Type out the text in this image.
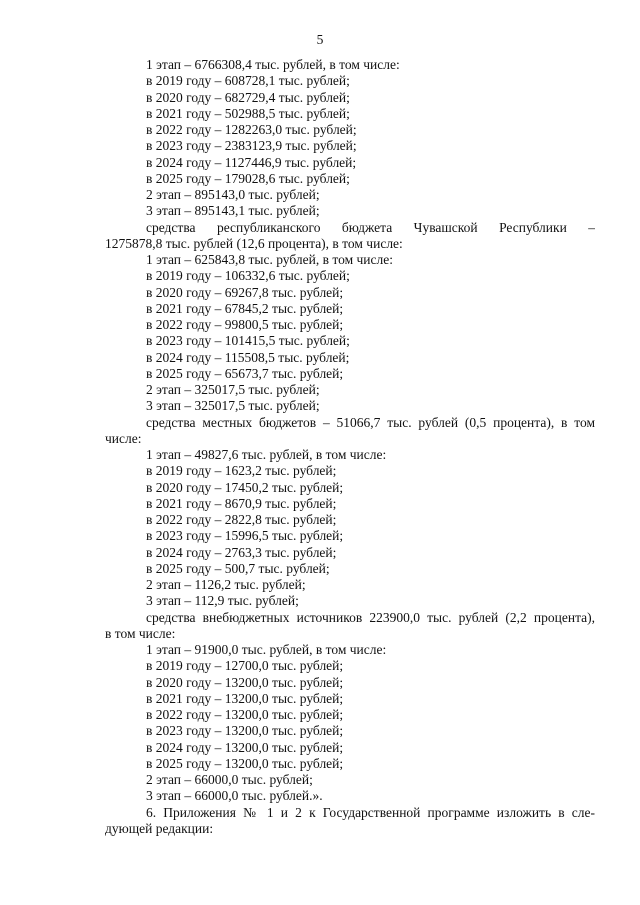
5
1 этап – 6766308,4 тыс. рублей, в том числе:
в 2019 году – 608728,1 тыс. рублей;
в 2020 году – 682729,4 тыс. рублей;
в 2021 году – 502988,5 тыс. рублей;
в 2022 году – 1282263,0 тыс. рублей;
в 2023 году – 2383123,9 тыс. рублей;
в 2024 году – 1127446,9 тыс. рублей;
в 2025 году – 179028,6 тыс. рублей;
2 этап – 895143,0 тыс. рублей;
3 этап – 895143,1 тыс. рублей;
средства республиканского бюджета Чувашской Республики –
1275878,8 тыс. рублей (12,6 процента), в том числе:
1 этап – 625843,8 тыс. рублей, в том числе:
в 2019 году – 106332,6 тыс. рублей;
в 2020 году – 69267,8 тыс. рублей;
в 2021 году – 67845,2 тыс. рублей;
в 2022 году – 99800,5 тыс. рублей;
в 2023 году – 101415,5 тыс. рублей;
в 2024 году – 115508,5 тыс. рублей;
в 2025 году – 65673,7 тыс. рублей;
2 этап – 325017,5 тыс. рублей;
3 этап – 325017,5 тыс. рублей;
средства местных бюджетов – 51066,7 тыс. рублей (0,5 процента), в том
числе:
1 этап – 49827,6 тыс. рублей, в том числе:
в 2019 году – 1623,2 тыс. рублей;
в 2020 году – 17450,2 тыс. рублей;
в 2021 году – 8670,9 тыс. рублей;
в 2022 году – 2822,8 тыс. рублей;
в 2023 году – 15996,5 тыс. рублей;
в 2024 году – 2763,3 тыс. рублей;
в 2025 году – 500,7 тыс. рублей;
2 этап – 1126,2 тыс. рублей;
3 этап – 112,9 тыс. рублей;
средства внебюджетных источников 223900,0 тыс. рублей (2,2 процента),
в том числе:
1 этап – 91900,0 тыс. рублей, в том числе:
в 2019 году – 12700,0 тыс. рублей;
в 2020 году – 13200,0 тыс. рублей;
в 2021 году – 13200,0 тыс. рублей;
в 2022 году – 13200,0 тыс. рублей;
в 2023 году – 13200,0 тыс. рублей;
в 2024 году – 13200,0 тыс. рублей;
в 2025 году – 13200,0 тыс. рублей;
2 этап – 66000,0 тыс. рублей;
3 этап – 66000,0 тыс. рублей.».
6. Приложения № 1 и 2 к Государственной программе изложить в сле-
дующей редакции:
